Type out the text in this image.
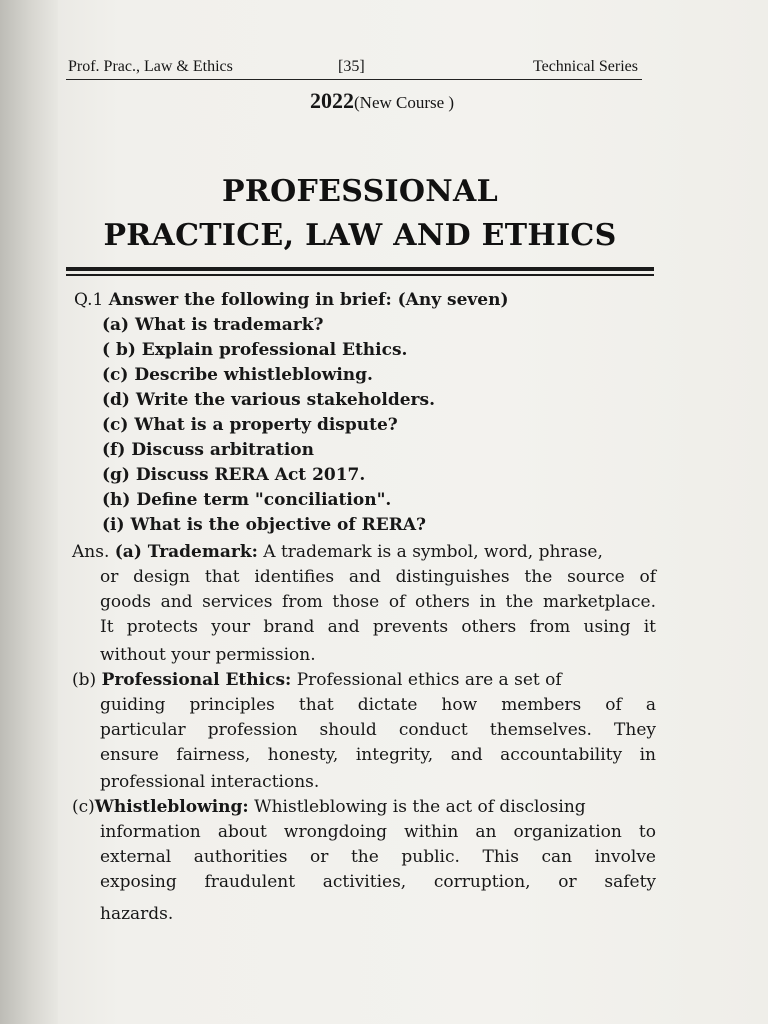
Prof. Prac., Law & Ethics	[35]	Technical Series
2022(New Course )
PROFESSIONAL
PRACTICE, LAW AND ETHICS
Q.1 Answer the following in brief: (Any seven)
(a) What is trademark?
( b) Explain professional Ethics.
(c) Describe whistleblowing.
(d) Write the various stakeholders.
(c) What is a property dispute?
(f) Discuss arbitration
(g) Discuss RERA Act 2017.
(h) Define term "conciliation".
(i) What is the objective of RERA?
Ans. (a) Trademark: A trademark is a symbol, word, phrase,
or design that identifies and distinguishes the source of
goods and services from those of others in the marketplace.
It protects your brand and prevents others from using it
without your permission.
(b) Professional Ethics: Professional ethics are a set of
guiding principles that dictate how members of a
particular profession should conduct themselves. They
ensure fairness, honesty, integrity, and accountability in
professional interactions.
(c)Whistleblowing: Whistleblowing is the act of disclosing
information about wrongdoing within an organization to
external authorities or the public. This can involve
exposing fraudulent activities, corruption, or safety
hazards.
